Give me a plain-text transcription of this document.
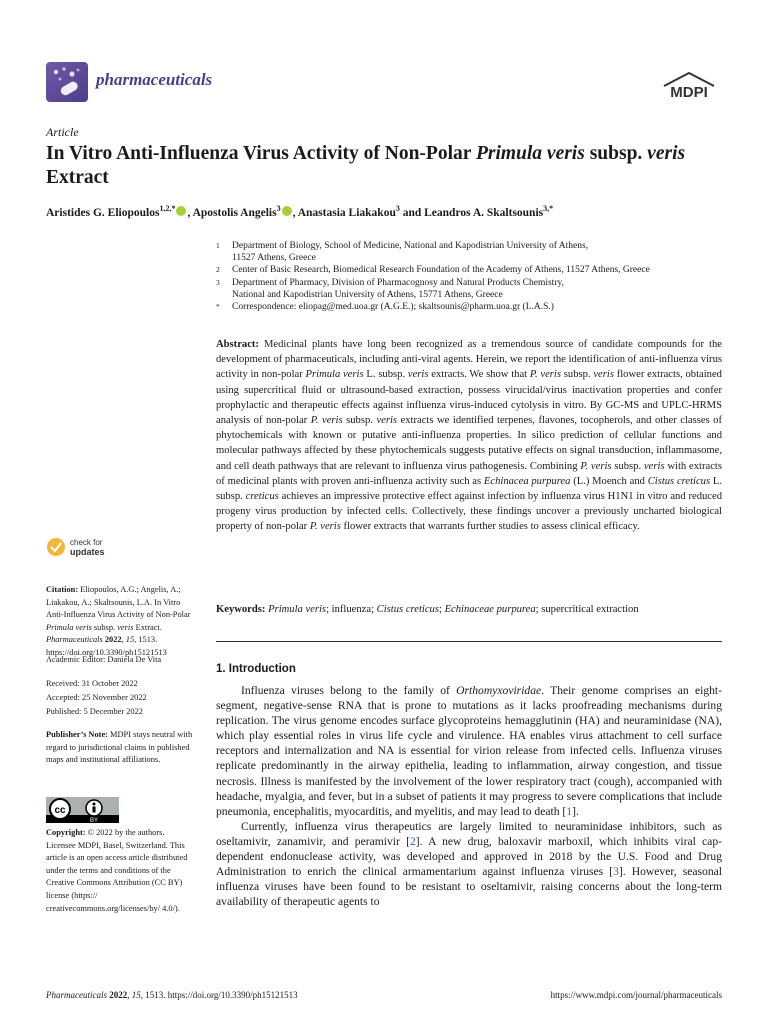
pharmaceuticals
MDPI
Article
In Vitro Anti-Influenza Virus Activity of Non-Polar Primula veris subsp. veris Extract
Aristides G. Eliopoulos$^{1,2,*}$ , Apostolis Angelis$^3$ , Anastasia Liakakou$^3$ and Leandros A. Skaltsounis$^{3,*}$
1	Department of Biology, School of Medicine, National and Kapodistrian University of Athens,
11527 Athens, Greece
2	Center of Basic Research, Biomedical Research Foundation of the Academy of Athens, 11527 Athens, Greece
3	Department of Pharmacy, Division of Pharmacognosy and Natural Products Chemistry,
National and Kapodistrian University of Athens, 15771 Athens, Greece
*	Correspondence: eliopag@med.uoa.gr (A.G.E.); skaltsounis@pharm.uoa.gr (L.A.S.)
Abstract: Medicinal plants have long been recognized as a tremendous source of candidate compounds for the development of pharmaceuticals, including anti-viral agents. Herein, we report the identification of anti-influenza virus activity in non-polar Primula veris L. subsp. veris extracts. We show that P. veris subsp. veris flower extracts, obtained using supercritical fluid or ultrasound-based extraction, possess virucidal/virus inactivation properties and confer prophylactic and therapeutic effects against influenza virus-induced cytolysis in vitro. By GC-MS and UPLC-HRMS analysis of non-polar P. veris subsp. veris extracts we identified terpenes, flavones, tocopherols, and other classes of phytochemicals with known or putative anti-influenza properties. In silico prediction of cellular functions and molecular pathways affected by these phytochemicals suggests putative effects on signal transduction, inflammasome, and cell death pathways that are relevant to influenza virus pathogenesis. Combining P. veris subsp. veris with extracts of medicinal plants with proven anti-influenza activity such as Echinacea purpurea (L.) Moench and Cistus creticus L. subsp. creticus achieves an impressive protective effect against infection by influenza virus H1N1 in vitro and reduced progeny virus production by infected cells. Collectively, these findings uncover a previously uncharted biological property of non-polar P. veris flower extracts that warrants further studies to assess clinical efficacy.
Keywords: Primula veris; influenza; Cistus creticus; Echinaceae purpurea; supercritical extraction
check for
updates
Citation: Eliopoulos, A.G.; Angelis, A.; Liakakou, A.; Skaltsounis, L.A. In Vitro Anti-Influenza Virus Activity of Non-Polar Primula veris subsp. veris Extract. Pharmaceuticals 2022, 15, 1513. https://doi.org/10.3390/ph15121513
Academic Editor: Daniela De Vita
Received: 31 October 2022
Accepted: 25 November 2022
Published: 5 December 2022
Publisher’s Note: MDPI stays neutral with regard to jurisdictional claims in published maps and institutional affiliations.
cc
BY
Copyright: © 2022 by the authors. Licensee MDPI, Basel, Switzerland. This article is an open access article distributed under the terms and conditions of the Creative Commons Attribution (CC BY) license (https:// creativecommons.org/licenses/by/ 4.0/).
1. Introduction

Influenza viruses belong to the family of Orthomyxoviridae. Their genome comprises an eight-segment, negative-sense RNA that is prone to mutations as it lacks proofreading mechanisms during replication. The virus genome encodes surface glycoproteins hemagglutinin (HA) and neuraminidase (NA), which play essential roles in virus life cycle and virulence. HA enables virus attachment to cell surface receptors and internalization and NA is essential for virion release from infected cells. Influenza viruses replicate predominantly in the airway epithelia, leading to inflammation, airway congestion, and tissue necrosis. Illness is manifested by the involvement of the lower respiratory tract (cough), accompanied with headache, myalgia, and fever, but in a subset of patients it may progress to severe complications that include pneumonia, encephalitis, myocarditis, and myelitis, and may lead to death [1].

Currently, influenza virus therapeutics are largely limited to neuraminidase inhibitors, such as oseltamivir, zanamivir, and peramivir [2]. A new drug, baloxavir marboxil, which inhibits viral cap-dependent endonuclease activity, was developed and approved in 2018 by the U.S. Food and Drug Administration to enrich the clinical armamentarium against influenza viruses [3]. However, seasonal influenza viruses have been found to be resistant to oseltamivir, raising concerns about the long-term availability of therapeutic agents to

Pharmaceuticals 2022, 15, 1513. https://doi.org/10.3390/ph15121513	https://www.mdpi.com/journal/pharmaceuticals
